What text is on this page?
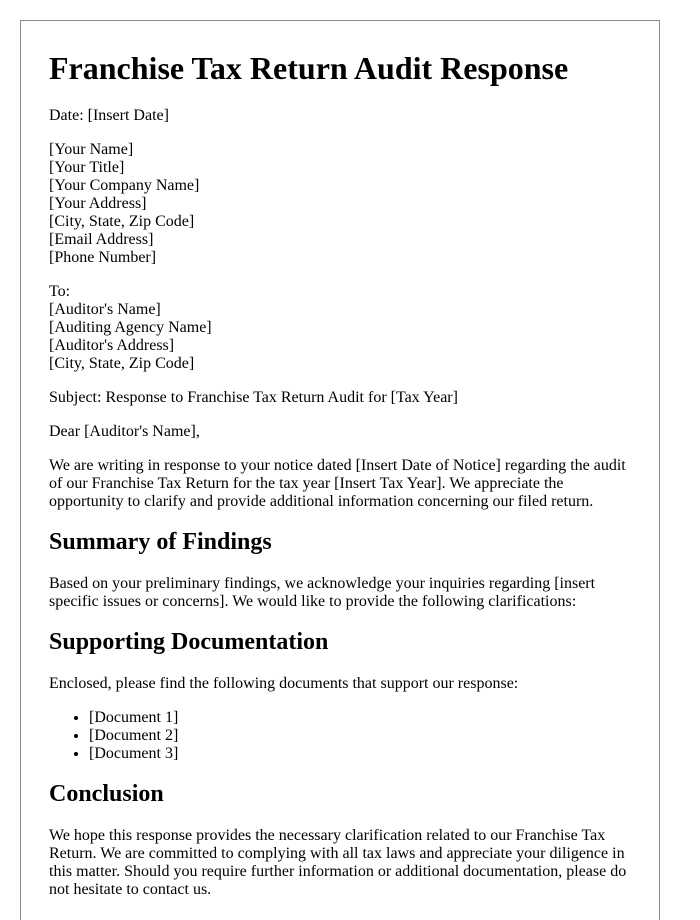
Franchise Tax Return Audit Response

Date: [Insert Date]

[Your Name]
[Your Title]
[Your Company Name]
[Your Address]
[City, State, Zip Code]
[Email Address]
[Phone Number]

To:
[Auditor's Name]
[Auditing Agency Name]
[Auditor's Address]
[City, State, Zip Code]

Subject: Response to Franchise Tax Return Audit for [Tax Year]

Dear [Auditor's Name],

We are writing in response to your notice dated [Insert Date of Notice] regarding the audit of our Franchise Tax Return for the tax year [Insert Tax Year]. We appreciate the opportunity to clarify and provide additional information concerning our filed return.

Summary of Findings

Based on your preliminary findings, we acknowledge your inquiries regarding [insert specific issues or concerns]. We would like to provide the following clarifications:

Supporting Documentation

Enclosed, please find the following documents that support our response:

• [Document 1]
• [Document 2]
• [Document 3]
Conclusion

We hope this response provides the necessary clarification related to our Franchise Tax Return. We are committed to complying with all tax laws and appreciate your diligence in this matter. Should you require further information or additional documentation, please do not hesitate to contact us.
